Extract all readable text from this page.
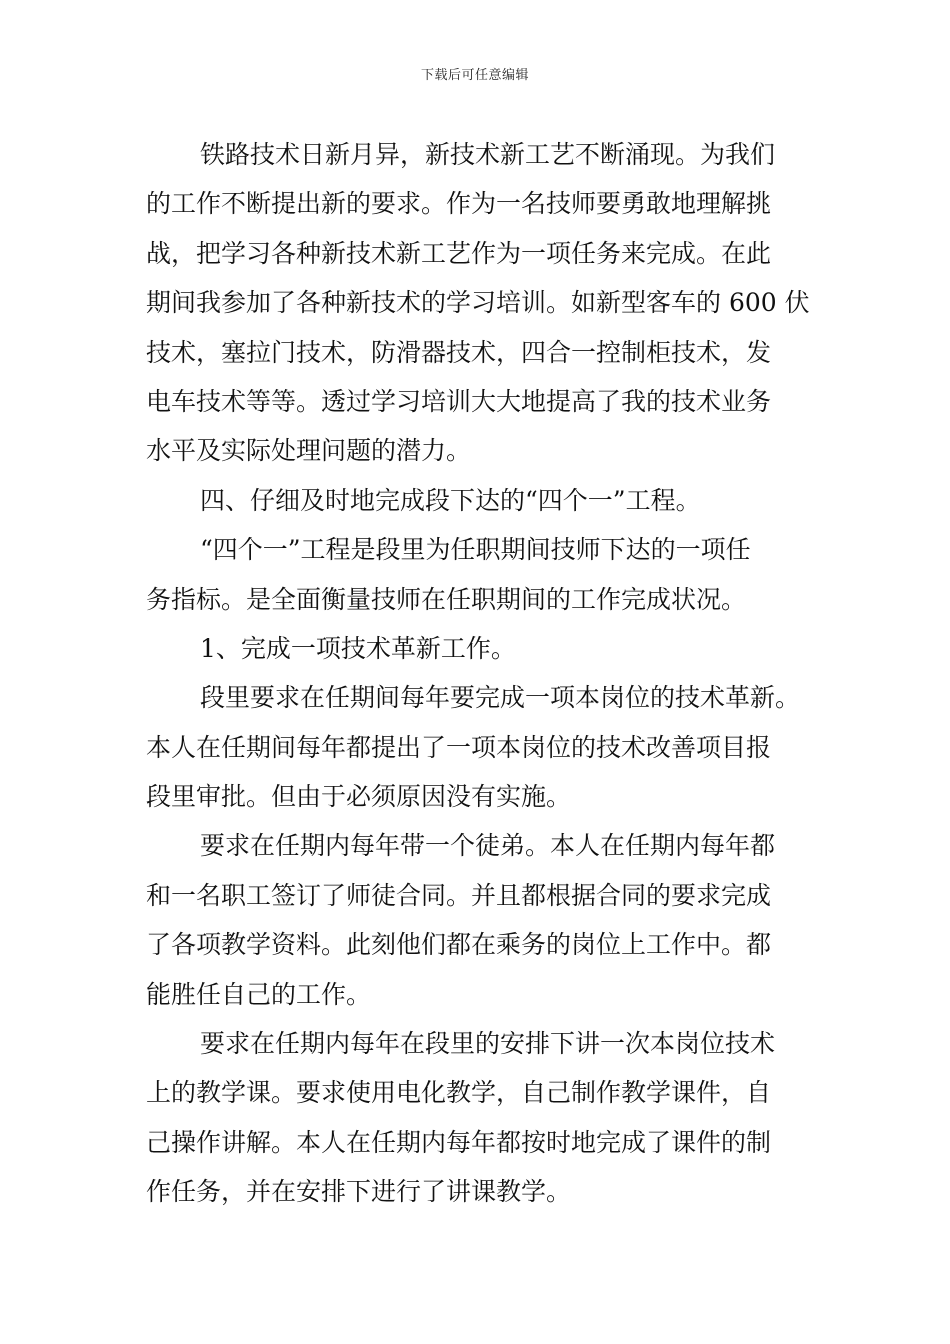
下载后可任意编辑
铁路技术日新月异，新技术新工艺不断涌现。为我们
的工作不断提出新的要求。作为一名技师要勇敢地理解挑
战，把学习各种新技术新工艺作为一项任务来完成。在此
期间我参加了各种新技术的学习培训。如新型客车的 600 伏
技术，塞拉门技术，防滑器技术，四合一控制柜技术，发
电车技术等等。透过学习培训大大地提高了我的技术业务
水平及实际处理问题的潜力。
四、仔细及时地完成段下达的“四个一”工程。
“四个一”工程是段里为任职期间技师下达的一项任
务指标。是全面衡量技师在任职期间的工作完成状况。
1、完成一项技术革新工作。
段里要求在任期间每年要完成一项本岗位的技术革新。
本人在任期间每年都提出了一项本岗位的技术改善项目报
段里审批。但由于必须原因没有实施。
要求在任期内每年带一个徒弟。本人在任期内每年都
和一名职工签订了师徒合同。并且都根据合同的要求完成
了各项教学资料。此刻他们都在乘务的岗位上工作中。都
能胜任自己的工作。
要求在任期内每年在段里的安排下讲一次本岗位技术
上的教学课。要求使用电化教学，自己制作教学课件，自
己操作讲解。本人在任期内每年都按时地完成了课件的制
作任务，并在安排下进行了讲课教学。
